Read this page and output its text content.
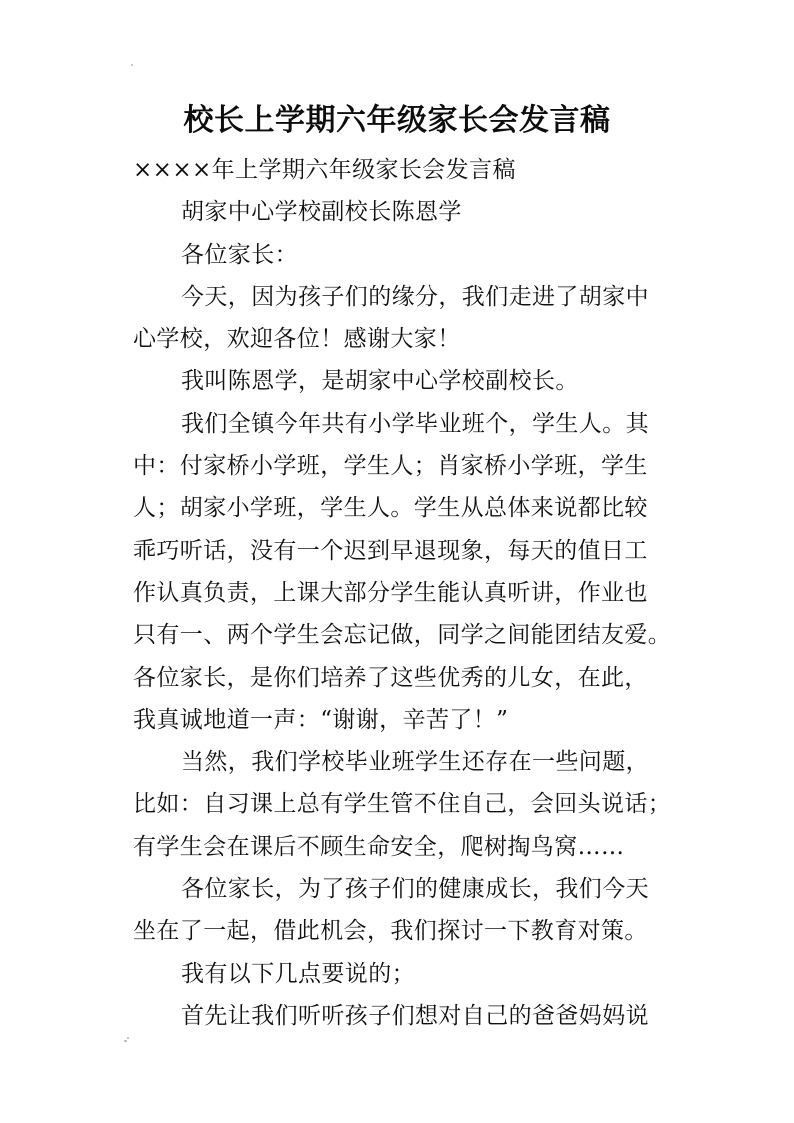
校长上学期六年级家长会发言稿
××××年上学期六年级家长会发言稿
胡家中心学校副校长陈恩学
各位家长：
今天，因为孩子们的缘分，我们走进了胡家中
心学校，欢迎各位！感谢大家！
我叫陈恩学，是胡家中心学校副校长。
我们全镇今年共有小学毕业班个，学生人。其
中：付家桥小学班，学生人；肖家桥小学班，学生
人；胡家小学班，学生人。学生从总体来说都比较
乖巧听话，没有一个迟到早退现象，每天的值日工
作认真负责，上课大部分学生能认真听讲，作业也
只有一、两个学生会忘记做，同学之间能团结友爱。
各位家长，是你们培养了这些优秀的儿女，在此，
我真诚地道一声：“谢谢，辛苦了！”
当然，我们学校毕业班学生还存在一些问题，
比如：自习课上总有学生管不住自己，会回头说话；
有学生会在课后不顾生命安全，爬树掏鸟窝……
各位家长，为了孩子们的健康成长，我们今天
坐在了一起，借此机会，我们探讨一下教育对策。
我有以下几点要说的；
首先让我们听听孩子们想对自己的爸爸妈妈说
